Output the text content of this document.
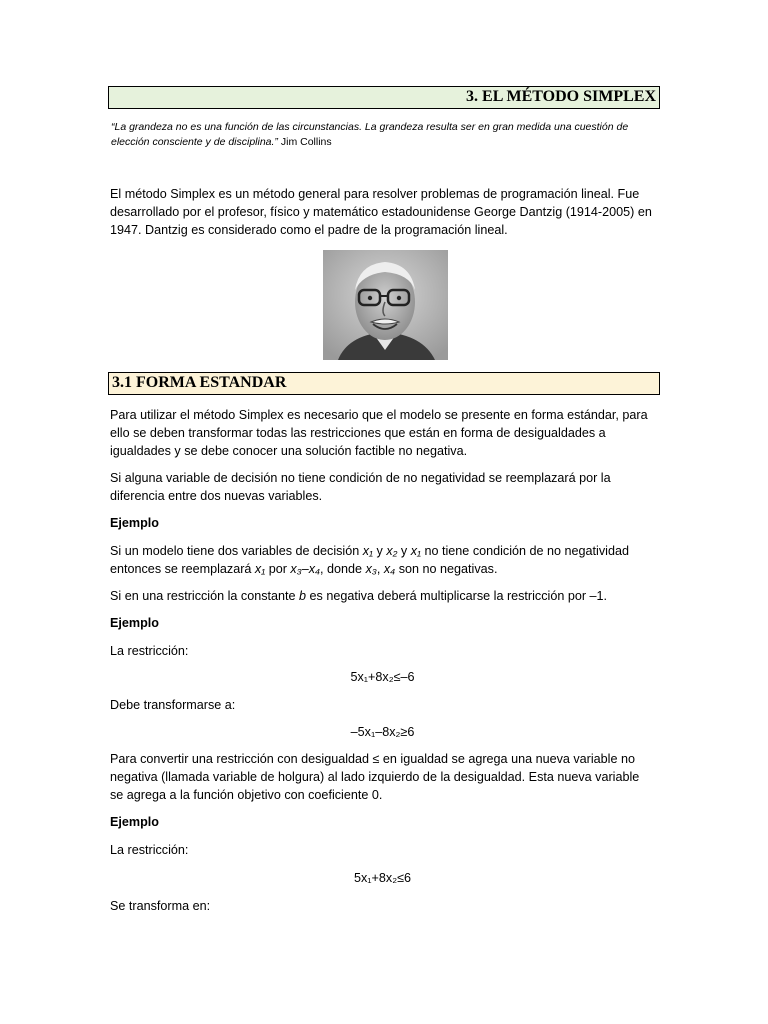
3. EL MÉTODO SIMPLEX
“La grandeza no es una función de las circunstancias. La grandeza resulta ser en gran medida una cuestión de elección consciente y de disciplina.” Jim Collins

El método Simplex es un método general para resolver problemas de programación lineal. Fue desarrollado por el profesor, físico y matemático estadounidense George Dantzig (1914-2005) en 1947. Dantzig es considerado como el padre de la programación lineal.

3.1 FORMA ESTANDAR

Para utilizar el método Simplex es necesario que el modelo se presente en forma estándar, para ello se deben transformar todas las restricciones que están en forma de desigualdades a igualdades y se debe conocer una solución factible no negativa.

Si alguna variable de decisión no tiene condición de no negatividad se reemplazará por la diferencia entre dos nuevas variables.

Ejemplo

Si un modelo tiene dos variables de decisión x₁ y x₂ y x₁ no tiene condición de no negatividad entonces se reemplazará x₁ por x₃–x₄, donde x₃, x₄ son no negativas.

Si en una restricción la constante b es negativa deberá multiplicarse la restricción por –1.

Ejemplo
La restricción:
5x₁+8x₂≤–6
Debe transformarse a:
–5x₁–8x₂≥6

Para convertir una restricción con desigualdad ≤ en igualdad se agrega una nueva variable no negativa (llamada variable de holgura) al lado izquierdo de la desigualdad. Esta nueva variable se agrega a la función objetivo con coeficiente 0.

Ejemplo
La restricción:
5x₁+8x₂≤6
Se transforma en:
